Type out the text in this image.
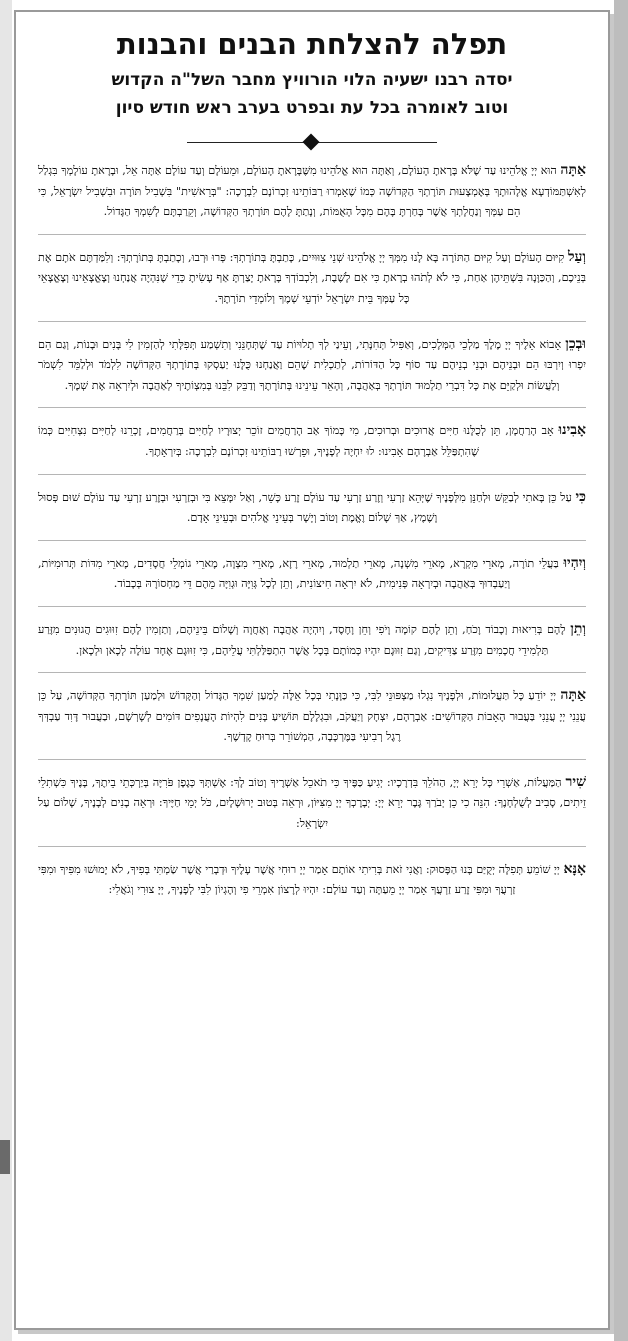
תפלה להצלחת הבנים והבנות

יסדה רבנו ישעיה הלוי הורוויץ מחבר השל"ה הקדוש

וטוב לאומרה בכל עת ובפרט בערב ראש חודש סיון

אַתָּה הוּא יְיָ אֱלֹהֵינוּ עַד שֶׁלֹּא בָּרָאתָ הָעוֹלָם, וְאַתָּה הוּא אֱלֹהֵינוּ מִשֶּׁבָּרָאתָ הָעוֹלָם, וּמֵעוֹלָם וְעַד עוֹלָם אַתָּה אֵל, וּבָרָאתָ עוֹלָמְךָ בִּגְלַל לְאִשְׁתַּמּוֹדְעָא אֱלָהוּתָךְ בְּאֶמְצָעוּת תּוֹרָתְךָ הַקְּדוֹשָׁה כְּמוֹ שֶׁאָמְרוּ רַבּוֹתֵינוּ זִכְרוֹנָם לִבְרָכָה: "בְּרֵאשִׁית" בִּשְׁבִיל תּוֹרָה וּבִשְׁבִיל יִשְׂרָאֵל, כִּי הֵם עַמְּךָ וְנַחֲלָתְךָ אֲשֶׁר בָּחַרְתָּ בָּהֶם מִכָּל הָאֻמּוֹת, וְנָתַתָּ לָהֶם תּוֹרָתְךָ הַקְּדוֹשָׁה, וְקֵרַבְתָּם לְשִׁמְךָ הַגָּדוֹל.

וְעַל קִיּוּם הָעוֹלָם וְעַל קִיּוּם הַתּוֹרָה בָּא לָנוּ מִמְּךָ יְיָ אֱלֹהֵינוּ שְׁנֵי צִוּוּיִים, כָּתַבְתָּ בְּתוֹרָתְךָ: פְּרוּ וּרְבוּ, וְכָתַבְתָּ בְּתוֹרָתְךָ: וְלִמַּדְתֶּם אֹתָם אֶת בְּנֵיכֶם, וְהַכַּוָּנָה בִּשְׁתֵּיהֶן אַחַת, כִּי לֹא לְתֹהוּ בְרָאתָ כִּי אִם לָשֶׁבֶת, וְלִכְבוֹדְךָ בָּרָאתָ יָצַרְתָּ אַף עָשִׂיתָ כְּדֵי שֶׁנִּהְיֶה אֲנַחְנוּ וְצֶאֱצָאֵינוּ וְצֶאֱצָאֵי כָּל עַמְּךָ בֵּית יִשְׂרָאֵל יוֹדְעֵי שְׁמֶךָ וְלוֹמְדֵי תוֹרָתֶךָ.

וּבְכֵן אָבוֹא אֵלֶיךָ יְיָ מֶלֶךְ מַלְכֵי הַמְּלָכִים, וְאַפִּיל תְּחִנָּתִי, וְעֵינַי לְךָ תְלוּיוֹת עַד שֶׁתְּחָנֵּנִי וְתִשְׁמַע תְּפִלָּתִי לְהַזְמִין לִי בָּנִים וּבָנוֹת, וְגַם הֵם יִפְרוּ וְיִרְבּוּ הֵם וּבְנֵיהֶם וּבְנֵי בְנֵיהֶם עַד סוֹף כָּל הַדּוֹרוֹת, לְתַכְלִית שֶׁהֵם וַאֲנַחְנוּ כֻּלָּנוּ יַעַסְקוּ בְּתוֹרָתְךָ הַקְּדוֹשָׁה לִלְמֹד וּלְלַמֵּד לִשְׁמֹר וְלַעֲשׂוֹת וּלְקַיֵּם אֶת כָּל דִּבְרֵי תַלְמוּד תּוֹרָתְךָ בְּאַהֲבָה, וְהָאֵר עֵינֵינוּ בְּתוֹרָתֶךָ וְדַבֵּק לִבֵּנוּ בְּמִצְוֹתֶיךָ לְאַהֲבָה וּלְיִרְאָה אֶת שְׁמֶךָ.

אָבִינוּ אָב הָרַחֲמָן, תֵּן לְכֻלָּנוּ חַיִּים אֲרוּכִים וּבְרוּכִים, מִי כָּמוֹךָ אַב הָרַחֲמִים זוֹכֵר יְצוּרָיו לְחַיִּים בְּרַחֲמִים, זָכְרֵנוּ לְחַיִּים נִצְחִיִּים כְּמוֹ שֶׁהִתְפַּלֵּל אַבְרָהָם אָבִינוּ: לוּ יִחְיֶה לְפָנֶיךָ, וּפֵרְשׁוּ רַבּוֹתֵינוּ זִכְרוֹנָם לִבְרָכָה: בְּיִרְאָתֶךָ.

כִּי עַל כֵּן בָּאתִי לְבַקֵּשׁ וּלְחַנֵּן מִלְּפָנֶיךָ שֶׁיְּהֵא זַרְעִי וְזֶרַע זַרְעִי עַד עוֹלָם זֶרַע כָּשֵׁר, וְאַל יִמָּצֵא בִּי וּבְזַרְעִי וּבְזֶרַע זַרְעִי עַד עוֹלָם שׁוּם פְּסוּל וָשֶׁמֶץ, אַךְ שָׁלוֹם וֶאֱמֶת וְטוֹב וְיָשָׁר בְּעֵינֵי אֱלֹהִים וּבְעֵינֵי אָדָם.

וְיִהְיוּ בַּעֲלֵי תוֹרָה, מָארֵי מִקְרָא, מָארֵי מִשְׁנָה, מָארֵי תַלְמוּד, מָארֵי רָזָא, מָארֵי מִצְוָה, מָארֵי גוֹמְלֵי חֲסָדִים, מָארֵי מִדּוֹת תְּרוּמִיּוֹת, וְיַעַבְדוּךָ בְּאַהֲבָה וּבְיִרְאָה פְּנִימִית, לֹא יִרְאָה חִיצוֹנִית, וְתֵן לְכָל גְּוִיָּה וּגְוִיָּה מֵהֶם דֵּי מַחְסוֹרָהּ בְּכָבוֹד.

וְתֵן לָהֶם בְּרִיאוּת וְכָבוֹד וָכֹחַ, וְתֵן לָהֶם קוֹמָה וָיֹפִי וְחֵן וָחֶסֶד, וְיִהְיֶה אַהֲבָה וְאַחֲוָה וְשָׁלוֹם בֵּינֵיהֶם, וְתַזְמִין לָהֶם זִוּוּגִים הֲגוּנִים מִזֶּרַע תַּלְמִידֵי חֲכָמִים מִזֶּרַע צַדִּיקִים, וְגַם זִוּוּגָם יִהְיוּ כְּמוֹתָם בְּכָל אֲשֶׁר הִתְפַּלַּלְתִּי עֲלֵיהֶם, כִּי זִוּוּגָם אֶחָד עוֹלֶה לְכָאן וּלְכָאן.

אַתָּה יְיָ יוֹדֵעַ כָּל תַּעֲלוּמוֹת, וּלְפָנֶיךָ נִגְלוּ מַצְפּוּנֵי לִבִּי, כִּי כַּוָּנָתִי בְּכָל אֵלֶּה לְמַעַן שִׁמְךָ הַגָּדוֹל וְהַקָּדוֹשׁ וּלְמַעַן תּוֹרָתְךָ הַקְּדוֹשָׁה, עַל כֵּן עֲנֵנִי יְיָ עֲנֵנִי בַּעֲבוּר הָאָבוֹת הַקְּדוֹשִׁים: אַבְרָהָם, יִצְחָק וְיַעֲקֹב, וּבִגְלָלָם תּוֹשִׁיעַ בָּנִים לִהְיוֹת הָעֲנָפִים דּוֹמִים לְשָׁרְשָׁם, וּבַעֲבוּר דָּוִד עַבְדְּךָ רֶגֶל רְבִיעִי בַּמֶּרְכָּבָה, הַמְשׁוֹרֵר בְּרוּחַ קָדְשֶׁךָ.

שִׁיר הַמַּעֲלוֹת, אַשְׁרֵי כָּל יְרֵא יְיָ, הַהֹלֵךְ בִּדְרָכָיו: יְגִיעַ כַּפֶּיךָ כִּי תֹאכֵל אַשְׁרֶיךָ וְטוֹב לָךְ: אֶשְׁתְּךָ כְּגֶפֶן פֹּרִיָּה בְּיַרְכְּתֵי בֵיתֶךָ, בָּנֶיךָ כִּשְׁתִלֵי זֵיתִים, סָבִיב לְשֻׁלְחָנֶךָ: הִנֵּה כִי כֵן יְבֹרַךְ גָּבֶר יְרֵא יְיָ: יְבָרֶכְךָ יְיָ מִצִּיּוֹן, וּרְאֵה בְּטוּב יְרוּשָׁלָיִם, כֹּל יְמֵי חַיֶּיךָ: וּרְאֵה בָנִים לְבָנֶיךָ, שָׁלוֹם עַל יִשְׂרָאֵל:

אָנָּא יְיָ שׁוֹמֵעַ תְּפִלָּה יְקֻיַּם בָּנוּ הַפָּסוּק: וַאֲנִי זֹאת בְּרִיתִי אוֹתָם אָמַר יְיָ רוּחִי אֲשֶׁר עָלֶיךָ וּדְבָרַי אֲשֶׁר שַׂמְתִּי בְּפִיךָ, לֹא יָמוּשׁוּ מִפִּיךָ וּמִפִּי זַרְעֲךָ וּמִפִּי זֶרַע זַרְעֲךָ אָמַר יְיָ מֵעַתָּה וְעַד עוֹלָם: יִהְיוּ לְרָצוֹן אִמְרֵי פִי וְהֶגְיוֹן לִבִּי לְפָנֶיךָ, יְיָ צוּרִי וְגֹאֲלִי:
